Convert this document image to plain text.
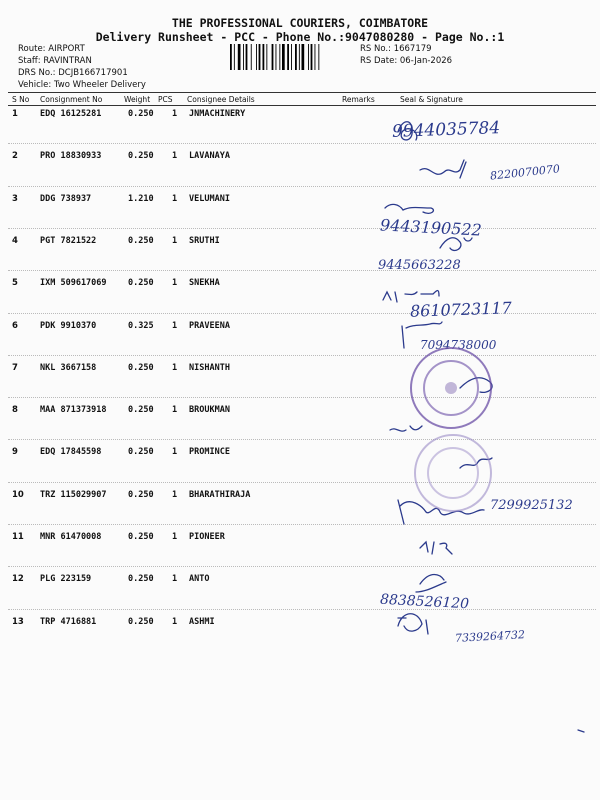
THE PROFESSIONAL COURIERS, COIMBATORE
Delivery Runsheet - PCC - Phone No.:9047080280 - Page No.:1
Route: AIRPORT
Staff: RAVINTRAN
DRS No.: DCJB166717901
Vehicle: Two Wheeler Delivery
RS No.: 1667179
RS Date: 06-Jan-2026
S No Consignment No	Weight PCS Consignee Details	Remarks	Seal & Signature
1	EDQ 16125281	0.250 1 JNMACHINERY
2	PRO 18830933	0.250 1 LAVANAYA
3	DDG 738937	1.210 1 VELUMANI
4	PGT 7821522	0.250 1 SRUTHI
5	IXM 509617069	0.250 1 SNEKHA
6	PDK 9910370	0.325 1 PRAVEENA
7	NKL 3667158	0.250 1 NISHANTH
8	MAA 871373918	0.250 1 BROUKMAN
9	EDQ 17845598	0.250 1 PROMINCE
10 TRZ 115029907	0.250 1 BHARATHIRAJA
11 MNR 61470008	0.250 1 PIONEER
12 PLG 223159	0.250 1 ANTO
13 TRP 4716881	0.250 1 ASHMI
9944035784
8220070070
9443190522
9445663228
8610723117
7094738000
7299925132
8838526120
7339264732
